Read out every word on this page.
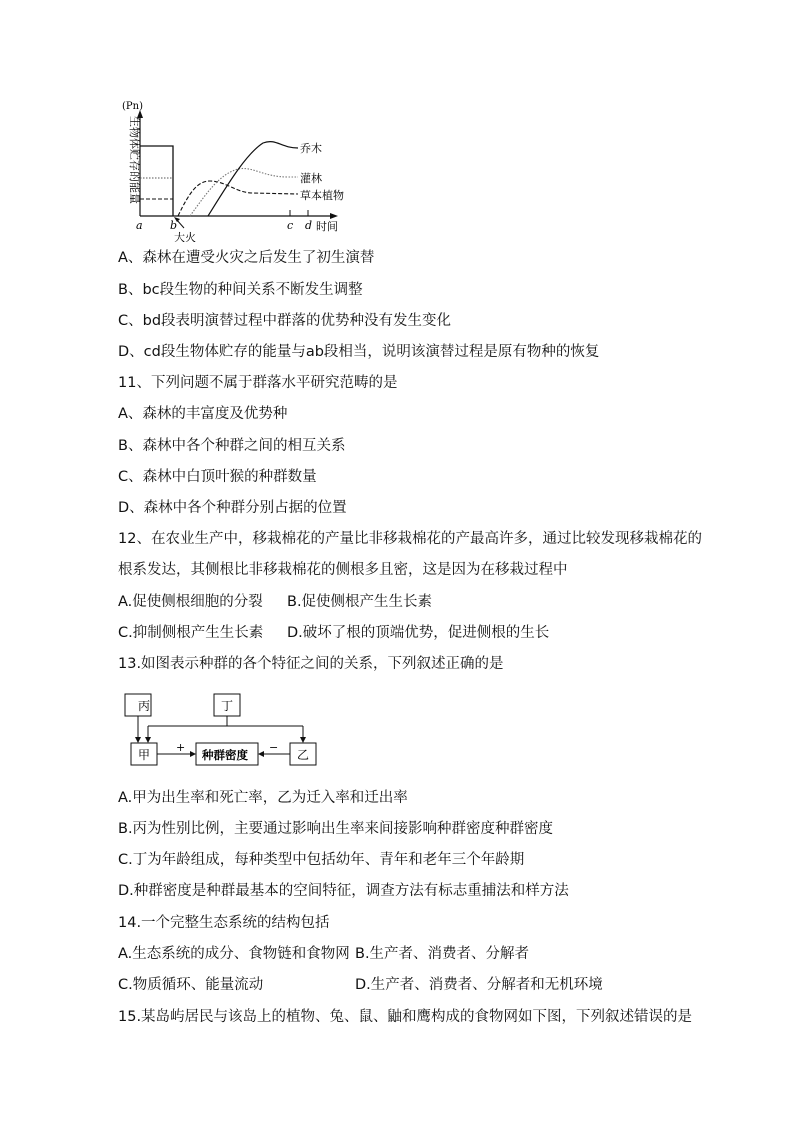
(Pn)
生物体贮存的能量	乔木
灌林
草本植物
a b	c d 时间
大火
A、森林在遭受火灾之后发生了初生演替
B、bc段生物的种间关系不断发生调整
C、bd段表明演替过程中群落的优势种没有发生变化
D、cd段生物体贮存的能量与ab段相当，说明该演替过程是原有物种的恢复
11、下列问题不属于群落水平研究范畴的是
A、森林的丰富度及优势种
B、森林中各个种群之间的相互关系
C、森林中白顶叶猴的种群数量
D、森林中各个种群分别占据的位置
12、在农业生产中，移栽棉花的产量比非移栽棉花的产最高许多，通过比较发现移栽棉花的
根系发达，其侧根比非移栽棉花的侧根多且密，这是因为在移栽过程中
A.促使侧根细胞的分裂 B.促使侧根产生生长素
C.抑制侧根产生生长素 D.破坏了根的顶端优势，促进侧根的生长
13.如图表示种群的各个特征之间的关系，下列叙述正确的是
丙	丁
甲	种群密度	乙
+	−
A.甲为出生率和死亡率，乙为迁入率和迁出率
B.丙为性别比例，主要通过影响出生率来间接影响种群密度种群密度
C.丁为年龄组成，每种类型中包括幼年、青年和老年三个年龄期
D.种群密度是种群最基本的空间特征，调查方法有标志重捕法和样方法
14.一个完整生态系统的结构包括
A.生态系统的成分、食物链和食物网 B.生产者、消费者、分解者
C.物质循环、能量流动	D.生产者、消费者、分解者和无机环境
15.某岛屿居民与该岛上的植物、兔、鼠、鼬和鹰构成的食物网如下图，下列叙述错误的是
